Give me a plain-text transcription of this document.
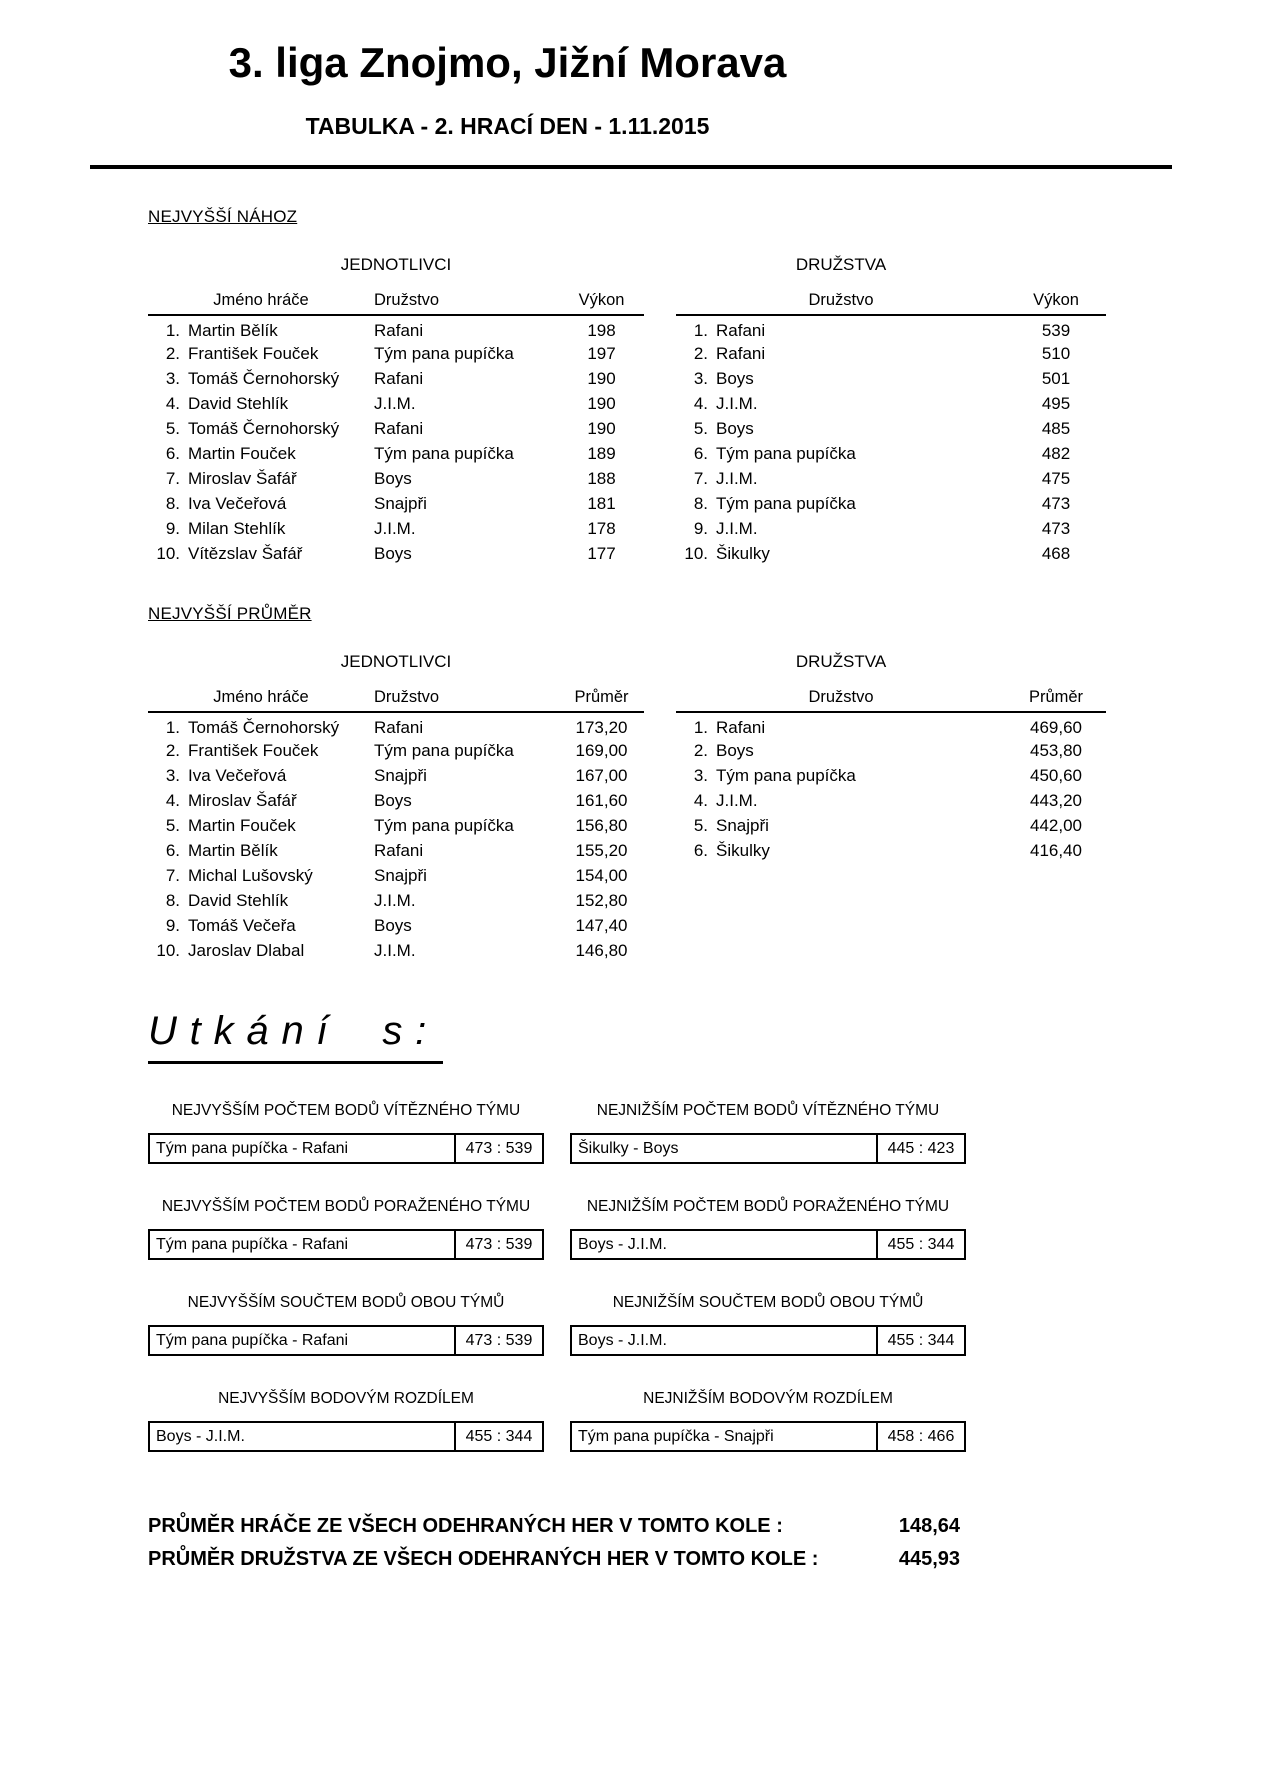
3. liga Znojmo, Jižní Morava
TABULKA - 2. HRACÍ DEN - 1.11.2015
NEJVYŠŠÍ NÁHOZ
JEDNOTLIVCI
Jméno hráče	Družstvo	Výkon
1. Martin Bělík	Rafani	198
2. František Fouček	Tým pana pupíčka	197
3. Tomáš Černohorský	Rafani	190
4. David Stehlík	J.I.M.	190
5. Tomáš Černohorský	Rafani	190
6. Martin Fouček	Tým pana pupíčka	189
7. Miroslav Šafář	Boys	188
8. Iva Večeřová	Snajpři	181
9. Milan Stehlík	J.I.M.	178
10. Vítězslav Šafář	Boys	177
DRUŽSTVA
Družstvo	Výkon
1. Rafani	539
2. Rafani	510
3. Boys	501
4. J.I.M.	495
5. Boys	485
6. Tým pana pupíčka	482
7. J.I.M.	475
8. Tým pana pupíčka	473
9. J.I.M.	473
10. Šikulky	468
NEJVYŠŠÍ PRŮMĚR
JEDNOTLIVCI
Jméno hráče	Družstvo	Průměr
1. Tomáš Černohorský	Rafani	173,20
2. František Fouček	Tým pana pupíčka	169,00
3. Iva Večeřová	Snajpři	167,00
4. Miroslav Šafář	Boys	161,60
5. Martin Fouček	Tým pana pupíčka	156,80
6. Martin Bělík	Rafani	155,20
7. Michal Lušovský	Snajpři	154,00
8. David Stehlík	J.I.M.	152,80
9. Tomáš Večeřa	Boys	147,40
10. Jaroslav Dlabal	J.I.M.	146,80
DRUŽSTVA
Družstvo	Průměr
1. Rafani	469,60
2. Boys	453,80
3. Tým pana pupíčka	450,60
4. J.I.M.	443,20
5. Snajpři	442,00
6. Šikulky	416,40
Utkání s:
NEJVYŠŠÍM POČTEM BODŮ VÍTĚZNÉHO TÝMU
Tým pana pupíčka - Rafani	473 : 539
NEJNIŽŠÍM POČTEM BODŮ VÍTĚZNÉHO TÝMU
Šikulky - Boys	445 : 423
NEJVYŠŠÍM POČTEM BODŮ PORAŽENÉHO TÝMU
Tým pana pupíčka - Rafani	473 : 539
NEJNIŽŠÍM POČTEM BODŮ PORAŽENÉHO TÝMU
Boys - J.I.M.	455 : 344
NEJVYŠŠÍM SOUČTEM BODŮ OBOU TÝMŮ
Tým pana pupíčka - Rafani	473 : 539
NEJNIŽŠÍM SOUČTEM BODŮ OBOU TÝMŮ
Boys - J.I.M.	455 : 344
NEJVYŠŠÍM BODOVÝM ROZDÍLEM
Boys - J.I.M.	455 : 344
NEJNIŽŠÍM BODOVÝM ROZDÍLEM
Tým pana pupíčka - Snajpři	458 : 466
PRŮMĚR HRÁČE ZE VŠECH ODEHRANÝCH HER V TOMTO KOLE :	148,64
PRŮMĚR DRUŽSTVA ZE VŠECH ODEHRANÝCH HER V TOMTO KOLE :	445,93
